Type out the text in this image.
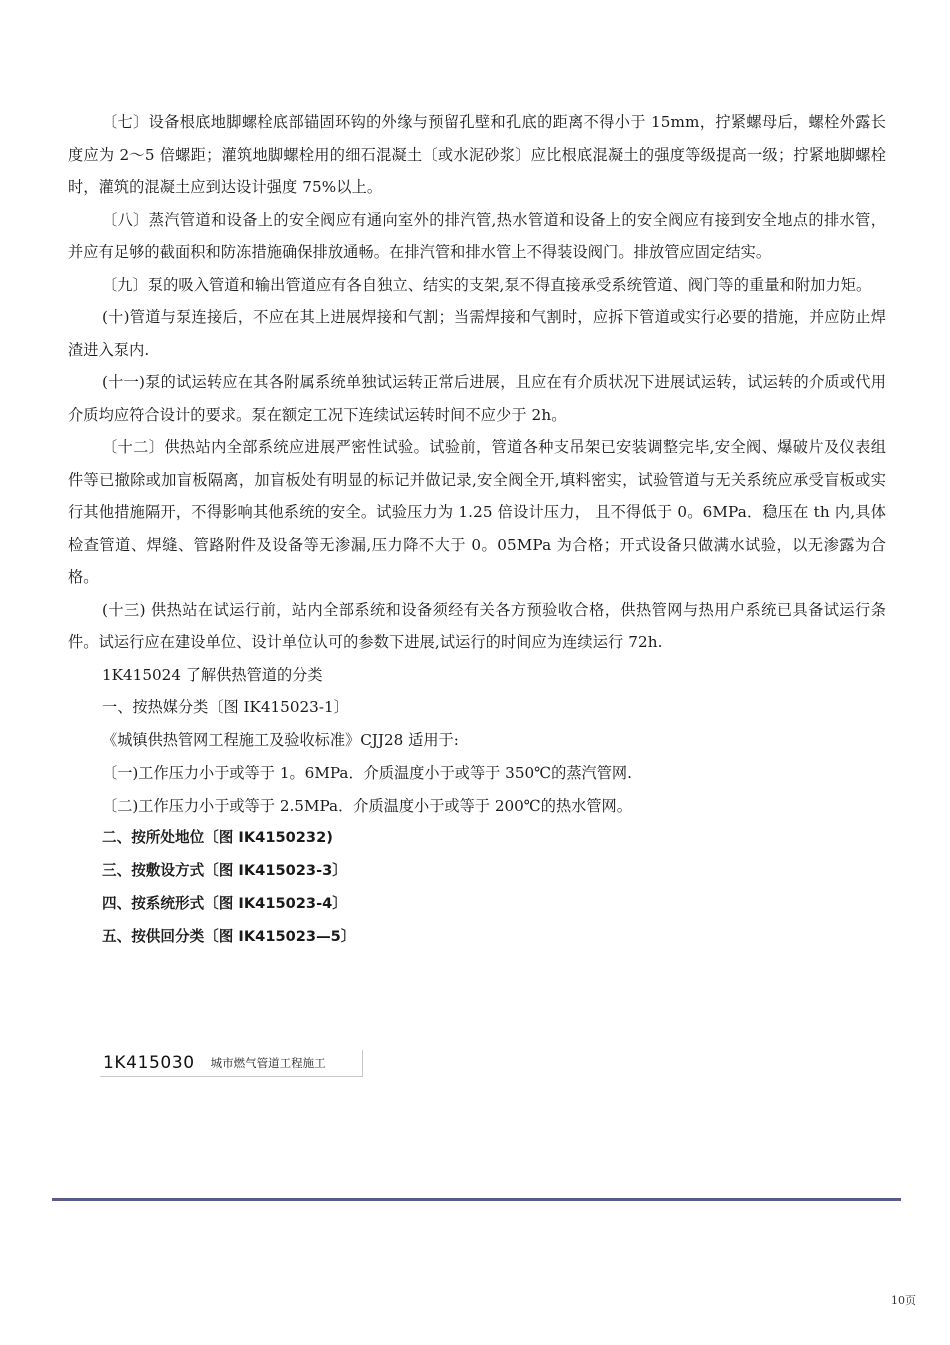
〔七〕设备根底地脚螺栓底部锚固环钩的外缘与预留孔壁和孔底的距离不得小于 15mm，拧紧螺母后，螺栓外露长度应为 2～5 倍螺距；灌筑地脚螺栓用的细石混凝土〔或水泥砂浆〕应比根底混凝土的强度等级提高一级；拧紧地脚螺栓时，灌筑的混凝土应到达设计强度 75%以上。

〔八〕蒸汽管道和设备上的安全阀应有通向室外的排汽管,热水管道和设备上的安全阀应有接到安全地点的排水管，并应有足够的截面积和防冻措施确保排放通畅。在排汽管和排水管上不得装设阀门。排放管应固定结实。

〔九〕泵的吸入管道和输出管道应有各自独立、结实的支架,泵不得直接承受系统管道、阀门等的重量和附加力矩。

(十)管道与泵连接后，不应在其上进展焊接和气割；当需焊接和气割时，应拆下管道或实行必要的措施，并应防止焊渣进入泵内.

(十一)泵的试运转应在其各附属系统单独试运转正常后进展，且应在有介质状况下进展试运转，试运转的介质或代用介质均应符合设计的要求。泵在额定工况下连续试运转时间不应少于 2h。

〔十二〕供热站内全部系统应进展严密性试验。试验前，管道各种支吊架已安装调整完毕,安全阀、爆破片及仪表组件等已撤除或加盲板隔离，加盲板处有明显的标记并做记录,安全阀全开,填料密实，试验管道与无关系统应承受盲板或实行其他措施隔开，不得影响其他系统的安全。试验压力为 1.25 倍设计压力， 且不得低于 0。6MPa．稳压在 th 内,具体检查管道、焊缝、管路附件及设备等无渗漏,压力降不大于 0。05MPa 为合格；开式设备只做满水试验，以无渗露为合格。

(十三) 供热站在试运行前，站内全部系统和设备须经有关各方预验收合格，供热管网与热用户系统已具备试运行条件。试运行应在建设单位、设计单位认可的参数下进展,试运行的时间应为连续运行 72h.

1K415024 了解供热管道的分类

一、按热媒分类〔图 IK415023-1〕

《城镇供热管网工程施工及验收标准》CJJ28 适用于:

〔一)工作压力小于或等于 1。6MPa．介质温度小于或等于 350℃的蒸汽管网.

〔二)工作压力小于或等于 2.5MPa．介质温度小于或等于 200℃的热水管网。

二、按所处地位〔图 IK4150232)

三、按敷设方式〔图 IK415023-3〕

四、按系统形式〔图 IK415023-4〕

五、按供回分类〔图 IK415023—5〕

1K415030 城市燃气管道工程施工
10页
